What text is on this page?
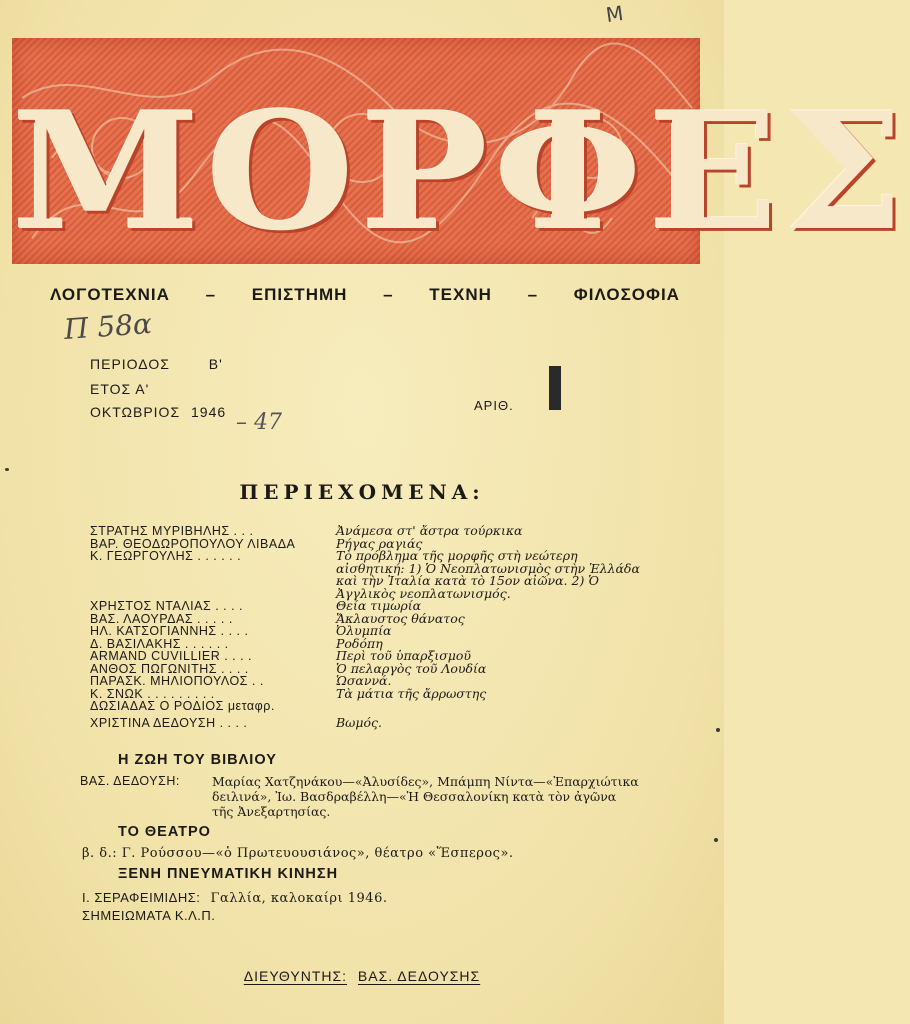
M
ΜΟΡΦΕΣ
ΛΟΓΟΤΕΧΝΙΑ – ΕΠΙΣΤΗΜΗ – ΤΕΧΝΗ – ΦΙΛΟΣΟΦΙΑ
Π 58α
ΠΕΡΙΟΔΟΣ	Β'
ΕΤΟΣ Α'
ΟΚΤΩΒΡΙΟΣ 1946 – 47
ΑΡΙΘ.
ΠΕΡΙΕΧΟΜΕΝΑ:
ΣΤΡΑΤΗΣ ΜΥΡΙΒΗΛΗΣ . . .	Ἀνάμεσα στ' ἄστρα τούρκικα
ΒΑΡ. ΘΕΟΔΩΡΟΠΟΥΛΟΥ ΛΙΒΑΔΑ	Ρήγας ραγιάς
Κ. ΓΕΩΡΓΟΥΛΗΣ . . . . . .	Τὸ πρόβλημα τῆς μορφῆς στὴ νεώτερη αἰσθητική: 1) Ὁ Νεοπλατωνισμὸς στὴν Ἑλλάδα καὶ τὴν Ἰταλία κατὰ τὸ 15ον αἰῶνα. 2) Ὁ Ἀγγλικὸς νεοπλατωνισμός.
ΧΡΗΣΤΟΣ ΝΤΑΛΙΑΣ . . . .	Θεία τιμωρία
ΒΑΣ. ΛΑΟΥΡΔΑΣ . . . . .	Ἄκλαυστος θάνατος
ΗΛ. ΚΑΤΣΟΓΙΑΝΝΗΣ . . . .	Ὀλυμπία
Δ. ΒΑΣΙΛΑΚΗΣ . . . . . .	Ροδόπη
ARMAND CUVILLIER . . . .	Περὶ τοῦ ὑπαρξισμοῦ
ΑΝΘΟΣ ΠΩΓΩΝΙΤΗΣ . . . .	Ὁ πελαργὸς τοῦ Λουδία
ΠΑΡΑΣΚ. ΜΗΛΙΟΠΟΥΛΟΣ . .	Ὡσαννά.
Κ. ΣΝΩΚ . . . . . . . . .	Τὰ μάτια τῆς ἄρρωστης
ΔΩΣΙΑΔΑΣ Ο ΡΟΔΙΟΣ μεταφρ.
ΧΡΙΣΤΙΝΑ ΔΕΔΟΥΣΗ . . . .	Βωμός.
Η ΖΩΗ ΤΟΥ ΒΙΒΛΙΟΥ
ΒΑΣ. ΔΕΔΟΥΣΗ:	Μαρίας Χατζηνάκου—«Ἀλυσίδες», Μπάμπη Νίντα—«Ἐπαρχιώτικα δειλινά», Ἰω. Βασδραβέλλη—«Ἡ Θεσσαλονίκη κατὰ τὸν ἀγῶνα τῆς Ἀνεξαρτησίας.
ΤΟ ΘΕΑΤΡΟ
β. δ.: Γ. Ρούσσου—«ὁ Πρωτευουσιάνος», θέατρο «Ἕσπερος».
ΞΕΝΗ ΠΝΕΥΜΑΤΙΚΗ ΚΙΝΗΣΗ
Ι. ΣΕΡΑΦΕΙΜΙΔΗΣ: Γαλλία, καλοκαίρι 1946.
ΣΗΜΕΙΩΜΑΤΑ Κ.Λ.Π.
ΔΙΕΥΘΥΝΤΗΣ: ΒΑΣ. ΔΕΔΟΥΣΗΣ
